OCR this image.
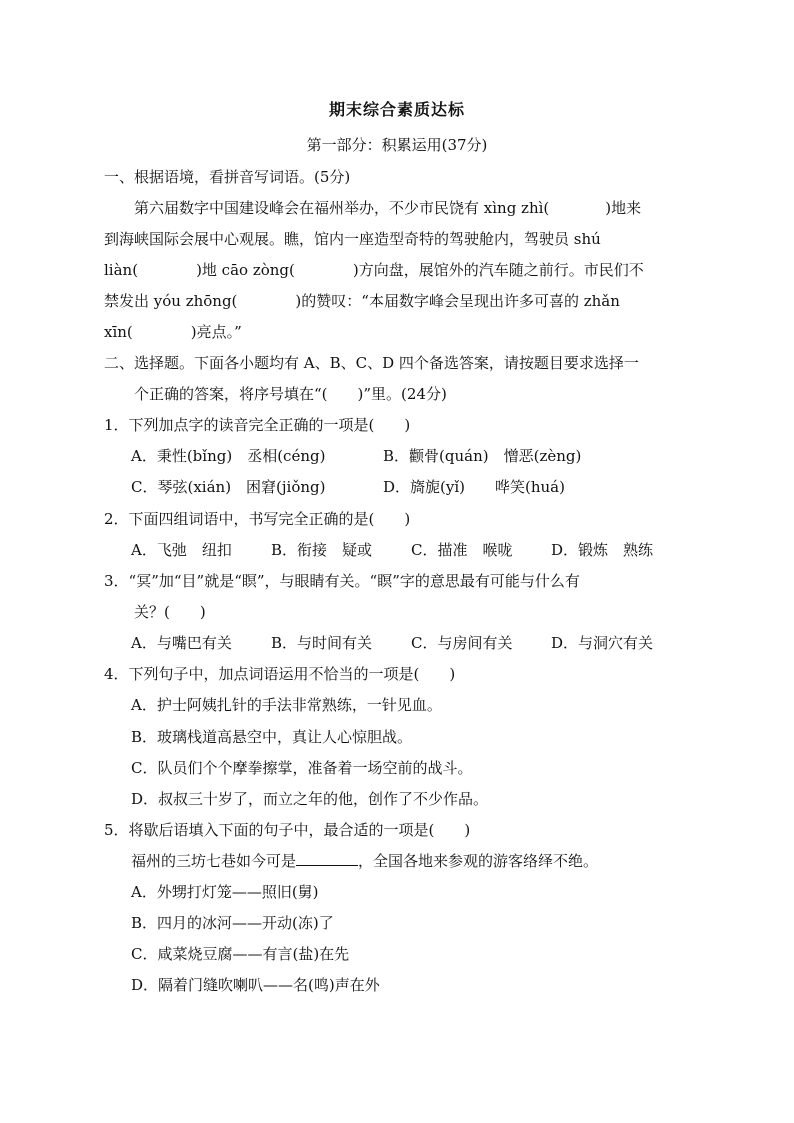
期末综合素质达标
第一部分：积累运用(37分)
一、根据语境，看拼音写词语。(5分)
第六届数字中国建设峰会在福州举办，不少市民饶有 xìng zhì(	)地来
到海峡国际会展中心观展。瞧，馆内一座造型奇特的驾驶舱内，驾驶员 shú
liàn(	)地 cāo zòng(	)方向盘，展馆外的汽车随之前行。市民们不
禁发出 yóu zhōng(	)的赞叹：“本届数字峰会呈现出许多可喜的 zhǎn
xīn(	)亮点。”
二、选择题。下面各小题均有 A、B、C、D 四个备选答案，请按题目要求选择一
个正确的答案，将序号填在“(　　)”里。(24分)
1．下列加点字的读音完全正确的一项是(　　)
A．秉性(bǐng)　丞相(céng)	B．颧骨(quán)　憎恶(zèng)
C．琴弦(xián)　困窘(jiǒng)	D．旖旎(yǐ)　　哗笑(huá)
2．下面四组词语中，书写完全正确的是(　　)
A．飞弛　纽扣	B．衔接　疑或	C．描准　喉咙	D．锻炼　熟练
3．“冥”加“目”就是“瞑”，与眼睛有关。“瞑”字的意思最有可能与什么有
关？(　　)
A．与嘴巴有关	B．与时间有关	C．与房间有关	D．与洞穴有关
4．下列句子中，加点词语运用不恰当的一项是(　　)
A．护士阿姨扎针的手法非常熟练，一针见血。
B．玻璃栈道高悬空中，真让人心惊胆战。
C．队员们个个摩拳擦掌，准备着一场空前的战斗。
D．叔叔三十岁了，而立之年的他，创作了不少作品。
5．将歇后语填入下面的句子中，最合适的一项是(　　)
福州的三坊七巷如今可是	，全国各地来参观的游客络绎不绝。
A．外甥打灯笼——照旧(舅)
B．四月的冰河——开动(冻)了
C．咸菜烧豆腐——有言(盐)在先
D．隔着门缝吹喇叭——名(鸣)声在外
